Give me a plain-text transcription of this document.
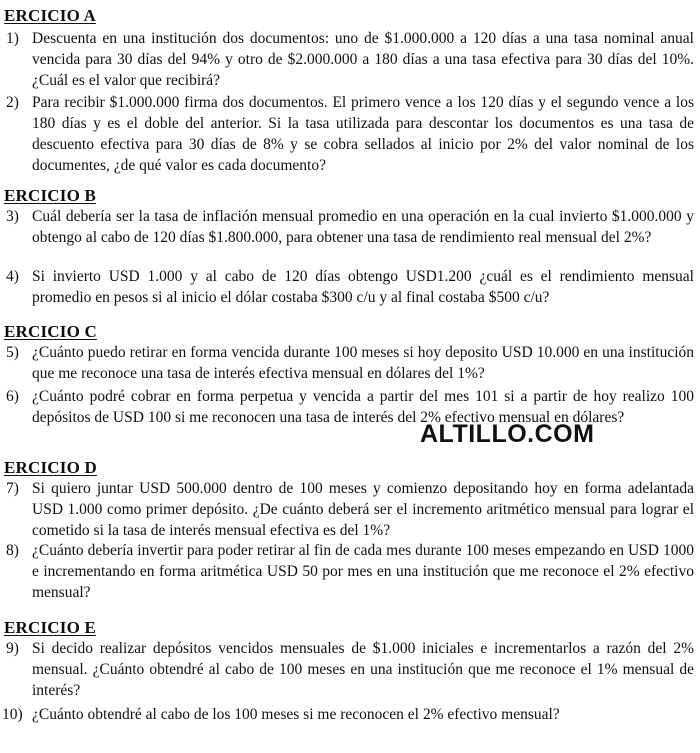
ERCICIO A
1) Descuenta en una institución dos documentos: uno de $1.000.000 a 120 días a una tasa nominal anual vencida para 30 días del 94% y otro de $2.000.000 a 180 días a una tasa efectiva para 30 días del 10%. ¿Cuál es el valor que recibirá?
2) Para recibir $1.000.000 firma dos documentos. El primero vence a los 120 días y el segundo vence a los 180 días y es el doble del anterior. Si la tasa utilizada para descontar los documentos es una tasa de descuento efectiva para 30 días de 8% y se cobra sellados al inicio por 2% del valor nominal de los documentes, ¿de qué valor es cada documento?
ERCICIO B
3) Cuál debería ser la tasa de inflación mensual promedio en una operación en la cual invierto $1.000.000 y obtengo al cabo de 120 días $1.800.000, para obtener una tasa de rendimiento real mensual del 2%?
4) Si invierto USD 1.000 y al cabo de 120 días obtengo USD1.200 ¿cuál es el rendimiento mensual promedio en pesos si al inicio el dólar costaba $300 c/u y al final costaba $500 c/u?
ERCICIO C
5) ¿Cuánto puedo retirar en forma vencida durante 100 meses si hoy deposito USD 10.000 en una institución que me reconoce una tasa de interés efectiva mensual en dólares del 1%?
6) ¿Cuánto podré cobrar en forma perpetua y vencida a partir del mes 101 si a partir de hoy realizo 100 depósitos de USD 100 si me reconocen una tasa de interés del 2% efectivo mensual en dólares?
ALTILLO.COM
ERCICIO D
7) Si quiero juntar USD 500.000 dentro de 100 meses y comienzo depositando hoy en forma adelantada USD 1.000 como primer depósito. ¿De cuánto deberá ser el incremento aritmético mensual para lograr el cometido si la tasa de interés mensual efectiva es del 1%?
8) ¿Cuánto debería invertir para poder retirar al fin de cada mes durante 100 meses empezando en USD 1000 e incrementando en forma aritmética USD 50 por mes en una institución que me reconoce el 2% efectivo mensual?
ERCICIO E
9) Si decido realizar depósitos vencidos mensuales de $1.000 iniciales e incrementarlos a razón del 2% mensual. ¿Cuánto obtendré al cabo de 100 meses en una institución que me reconoce el 1% mensual de interés?
10) ¿Cuánto obtendré al cabo de los 100 meses si me reconocen el 2% efectivo mensual?
